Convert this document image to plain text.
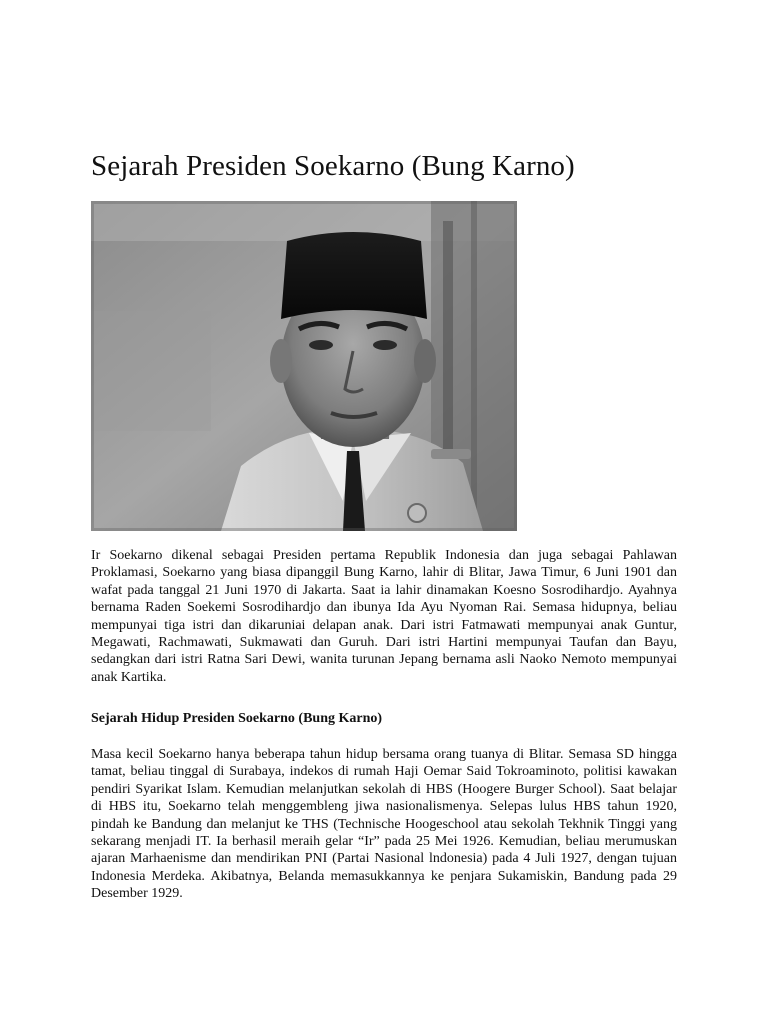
Sejarah Presiden Soekarno (Bung Karno)

Ir Soekarno dikenal sebagai Presiden pertama Republik Indonesia dan juga sebagai Pahlawan Proklamasi, Soekarno yang biasa dipanggil Bung Karno, lahir di Blitar, Jawa Timur, 6 Juni 1901 dan wafat pada tanggal 21 Juni 1970 di Jakarta. Saat ia lahir dinamakan Koesno Sosrodihardjo. Ayahnya bernama Raden Soekemi Sosrodihardjo dan ibunya Ida Ayu Nyoman Rai. Semasa hidupnya, beliau mempunyai tiga istri dan dikaruniai delapan anak. Dari istri Fatmawati mempunyai anak Guntur, Megawati, Rachmawati, Sukmawati dan Guruh. Dari istri Hartini mempunyai Taufan dan Bayu, sedangkan dari istri Ratna Sari Dewi, wanita turunan Jepang bernama asli Naoko Nemoto mempunyai anak Kartika.

Sejarah Hidup Presiden Soekarno (Bung Karno)

Masa kecil Soekarno hanya beberapa tahun hidup bersama orang tuanya di Blitar. Semasa SD hingga tamat, beliau tinggal di Surabaya, indekos di rumah Haji Oemar Said Tokroaminoto, politisi kawakan pendiri Syarikat Islam. Kemudian melanjutkan sekolah di HBS (Hoogere Burger School). Saat belajar di HBS itu, Soekarno telah menggembleng jiwa nasionalismenya. Selepas lulus HBS tahun 1920, pindah ke Bandung dan melanjut ke THS (Technische Hoogeschool atau sekolah Tekhnik Tinggi yang sekarang menjadi IT. Ia berhasil meraih gelar “Ir” pada 25 Mei 1926. Kemudian, beliau merumuskan ajaran Marhaenisme dan mendirikan PNI (Partai Nasional lndonesia) pada 4 Juli 1927, dengan tujuan Indonesia Merdeka. Akibatnya, Belanda memasukkannya ke penjara Sukamiskin, Bandung pada 29 Desember 1929.
